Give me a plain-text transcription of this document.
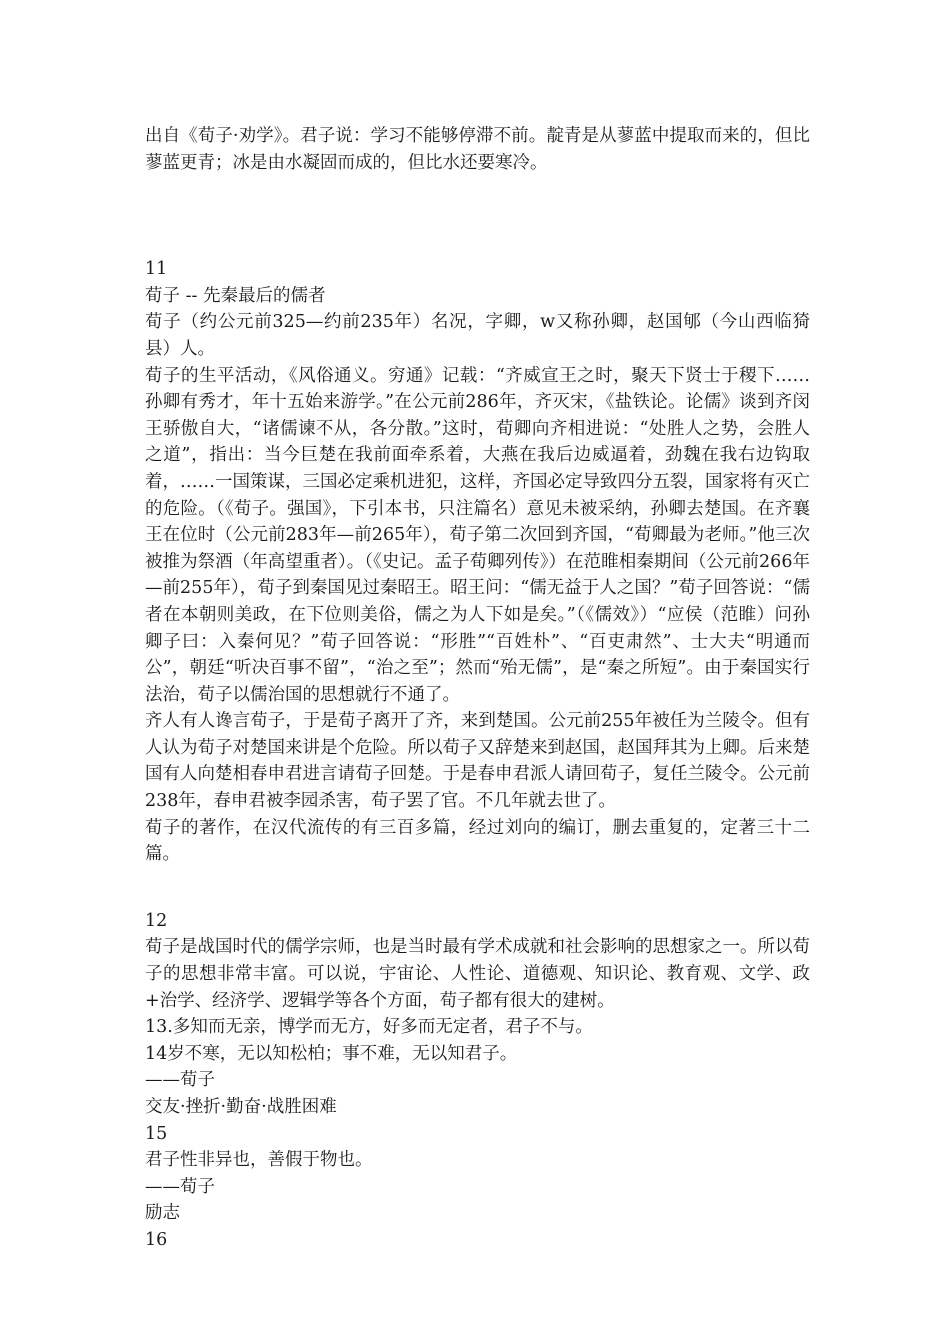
出自《荀子·劝学》。君子说：学习不能够停滞不前。靛青是从蓼蓝中提取而来的，但比蓼蓝更青；冰是由水凝固而成的，但比水还要寒冷。

11

荀子 -- 先秦最后的儒者

荀子（约公元前325—约前235年）名况，字卿，w又称孙卿，赵国郇（今山西临猗县）人。

荀子的生平活动，《风俗通义。穷通》记载：“齐威宣王之时，聚天下贤士于稷下……孙卿有秀才，年十五始来游学。”在公元前286年，齐灭宋，《盐铁论。论儒》谈到齐闵王骄傲自大，“诸儒谏不从，各分散。”这时，荀卿向齐相进说：“处胜人之势，会胜人之道”，指出：当今巨楚在我前面牵系着，大燕在我后边威逼着，劲魏在我右边钩取着，……一国策谋，三国必定乘机进犯，这样，齐国必定导致四分五裂，国家将有灭亡的危险。（《荀子。强国》，下引本书，只注篇名）意见未被采纳，孙卿去楚国。在齐襄王在位时（公元前283年—前265年），荀子第二次回到齐国，“荀卿最为老师。”他三次被推为祭酒（年高望重者）。（《史记。孟子荀卿列传》）在范睢相秦期间（公元前266年—前255年），荀子到秦国见过秦昭王。昭王问：“儒无益于人之国？”荀子回答说：“儒者在本朝则美政，在下位则美俗，儒之为人下如是矣。”（《儒效》）“应侯（范睢）问孙卿子曰：入秦何见？”荀子回答说：“形胜”“百姓朴”、“百吏肃然”、士大夫“明通而公”，朝廷“听决百事不留”，“治之至”；然而“殆无儒”，是“秦之所短”。由于秦国实行法治，荀子以儒治国的思想就行不通了。

齐人有人谗言荀子，于是荀子离开了齐，来到楚国。公元前255年被任为兰陵令。但有人认为荀子对楚国来讲是个危险。所以荀子又辞楚来到赵国，赵国拜其为上卿。后来楚国有人向楚相春申君进言请荀子回楚。于是春申君派人请回荀子，复任兰陵令。公元前238年，春申君被李园杀害，荀子罢了官。不几年就去世了。

荀子的著作，在汉代流传的有三百多篇，经过刘向的编订，删去重复的，定著三十二篇。

12

荀子是战国时代的儒学宗师，也是当时最有学术成就和社会影响的思想家之一。所以荀子的思想非常丰富。可以说，宇宙论、人性论、道德观、知识论、教育观、文学、政+治学、经济学、逻辑学等各个方面，荀子都有很大的建树。

13.多知而无亲，博学而无方，好多而无定者，君子不与。

14岁不寒，无以知松柏；事不难，无以知君子。

——荀子

交友·挫折·勤奋·战胜困难

15

君子性非异也，善假于物也。

——荀子

励志

16
